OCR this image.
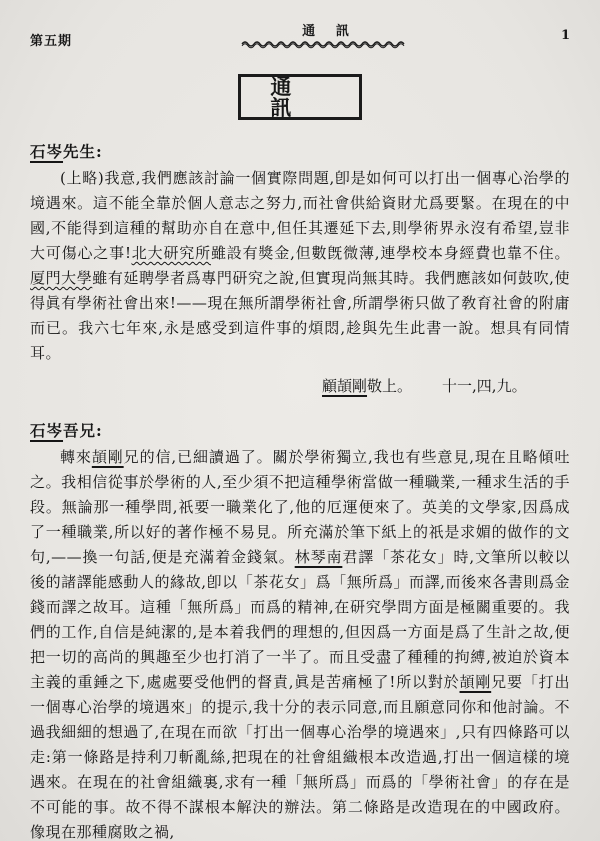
第五期
通訊	1
通訊
石岑先生:

(上略)我意,我們應該討論一個實際問題,卽是如何可以打出一個專心治學的境遇來。這不能全靠於個人意志之努力,而社會供給資財尤爲要緊。在現在的中國,不能得到這種的幫助亦自在意中,但任其遷延下去,則學術界永沒有希望,豈非大可傷心之事!北大研究所雖設有獎金,但數旣微薄,連學校本身經費也靠不住。厦門大學雖有延聘學者爲專門研究之說,但實現尚無其時。我們應該如何鼓吹,使得眞有學術社會出來!——現在無所謂學術社會,所謂學術只做了敎育社會的附庸而已。我六七年來,永是感受到這件事的煩悶,趁與先生此書一說。想具有同情耳。

顧頡剛敬上。 十一,四,九。
石岑吾兄:

轉來頡剛兄的信,已細讀過了。關於學術獨立,我也有些意見,現在且略傾吐之。我相信從事於學術的人,至少須不把這種學術當做一種職業,一種求生活的手段。無論那一種學問,祇要一職業化了,他的厄運便來了。英美的文學家,因爲成了一種職業,所以好的著作極不易見。所充滿於筆下紙上的祇是求媚的做作的文句,——換一句話,便是充滿着金錢氣。林琴南君譯「茶花女」時,文筆所以較以後的諸譯能感動人的緣故,卽以「茶花女」爲「無所爲」而譯,而後來各書則爲金錢而譯之故耳。這種「無所爲」而爲的精神,在研究學問方面是極關重要的。我們的工作,自信是純潔的,是本着我們的理想的,但因爲一方面是爲了生計之故,便把一切的高尚的興趣至少也打消了一半了。而且受盡了種種的拘縛,被迫於資本主義的重錘之下,處處要受他們的督責,眞是苦痛極了!所以對於頡剛兄要「打出一個專心治學的境遇來」的提示,我十分的表示同意,而且願意同你和他討論。不過我細細的想過了,在現在而欲「打出一個專心治學的境遇來」,只有四條路可以走:第一條路是持利刀斬亂絲,把現在的社會組織根本改造過,打出一個這樣的境遇來。在現在的社會組織裏,求有一種「無所爲」而爲的「學術社會」的存在是不可能的事。故不得不謀根本解決的辦法。第二條路是改造現在的中國政府。像現在那種腐敗之禍,
